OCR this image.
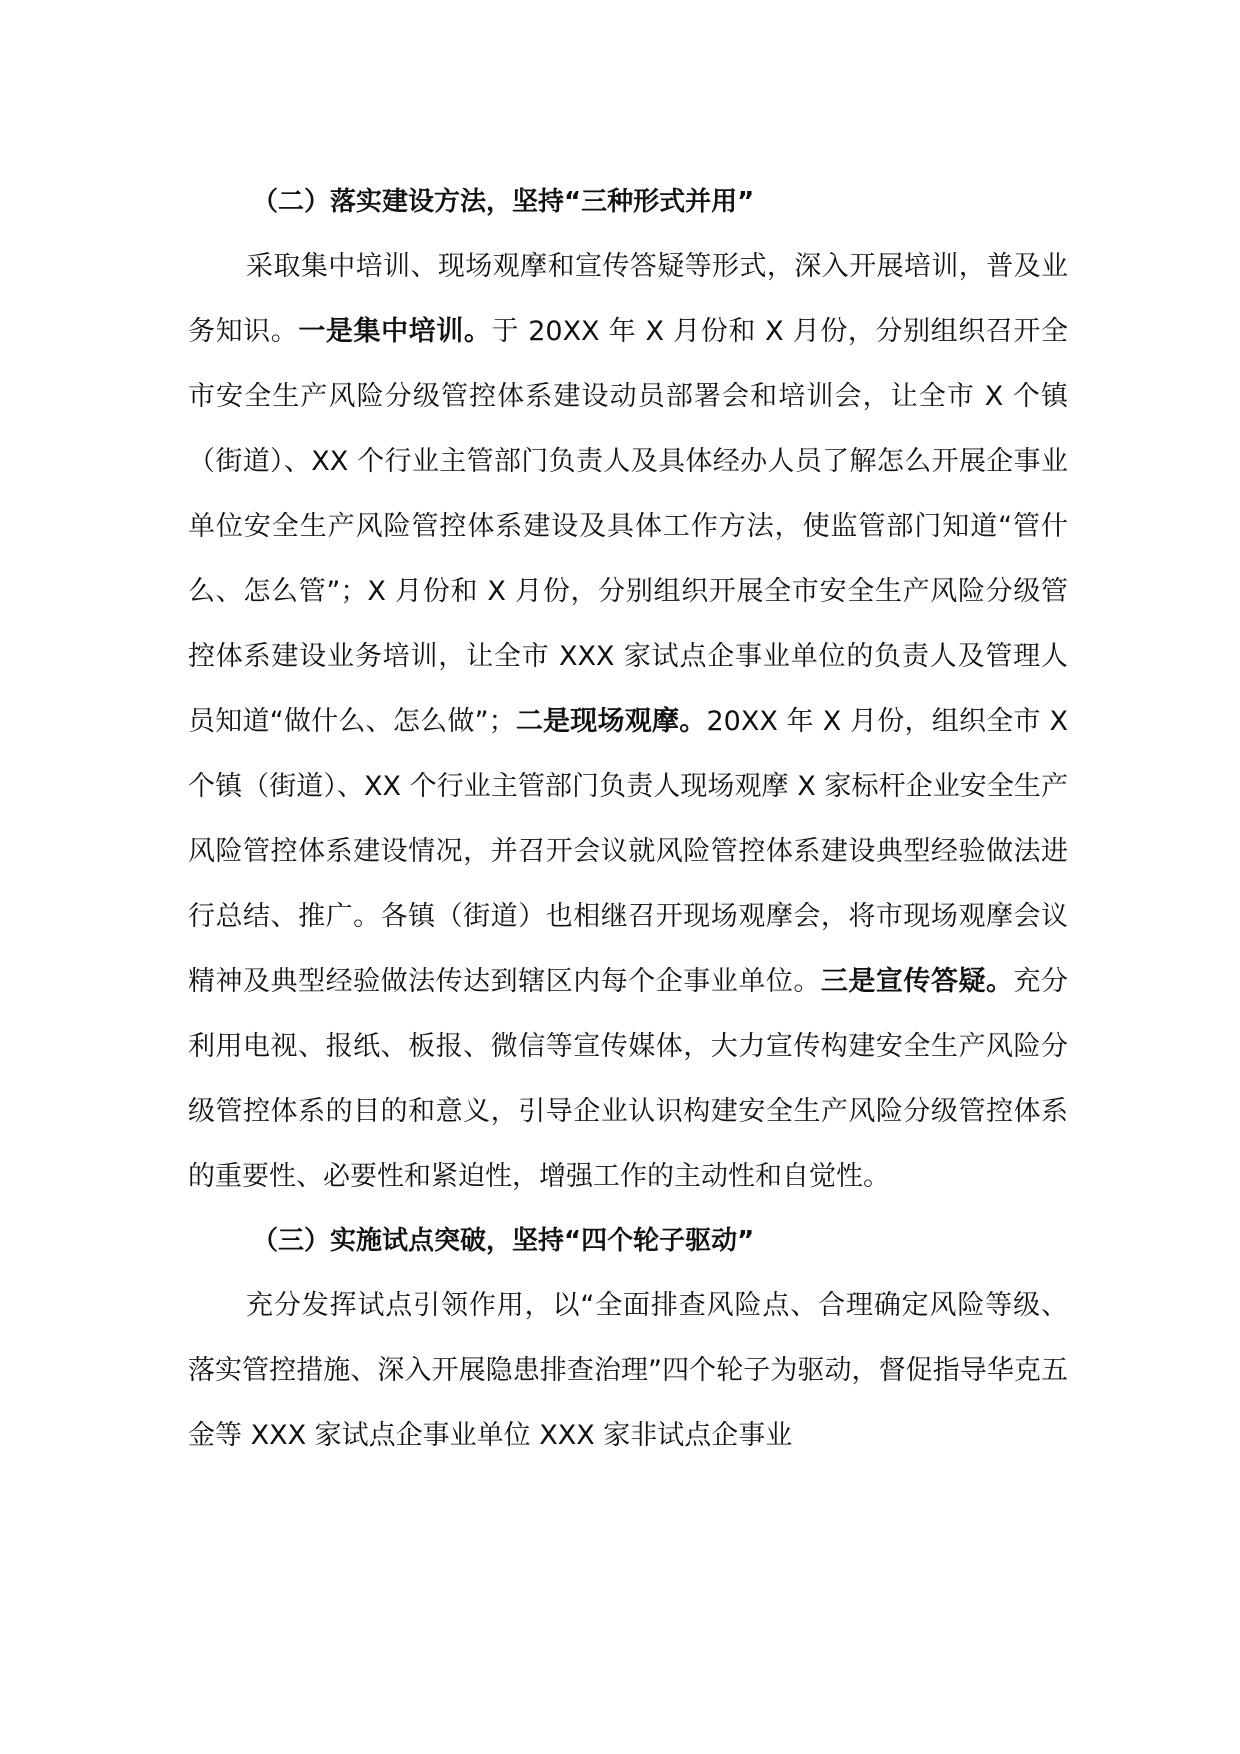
（二）落实建设方法，坚持“三种形式并用”

采取集中培训、现场观摩和宣传答疑等形式，深入开展培训，普及业务知识。一是集中培训。于 20XX 年 X 月份和 X 月份，分别组织召开全市安全生产风险分级管控体系建设动员部署会和培训会，让全市 X 个镇（街道）、XX 个行业主管部门负责人及具体经办人员了解怎么开展企事业单位安全生产风险管控体系建设及具体工作方法，使监管部门知道“管什么、怎么管”；X 月份和 X 月份，分别组织开展全市安全生产风险分级管控体系建设业务培训，让全市 XXX 家试点企事业单位的负责人及管理人员知道“做什么、怎么做”；二是现场观摩。20XX 年 X 月份，组织全市 X 个镇（街道）、XX 个行业主管部门负责人现场观摩 X 家标杆企业安全生产风险管控体系建设情况，并召开会议就风险管控体系建设典型经验做法进行总结、推广。各镇（街道）也相继召开现场观摩会，将市现场观摩会议精神及典型经验做法传达到辖区内每个企事业单位。三是宣传答疑。充分利用电视、报纸、板报、微信等宣传媒体，大力宣传构建安全生产风险分级管控体系的目的和意义，引导企业认识构建安全生产风险分级管控体系的重要性、必要性和紧迫性，增强工作的主动性和自觉性。

（三）实施试点突破，坚持“四个轮子驱动”

充分发挥试点引领作用，以“全面排查风险点、合理确定风险等级、落实管控措施、深入开展隐患排查治理”四个轮子为驱动，督促指导华克五金等 XXX 家试点企事业单位 XXX 家非试点企事业
